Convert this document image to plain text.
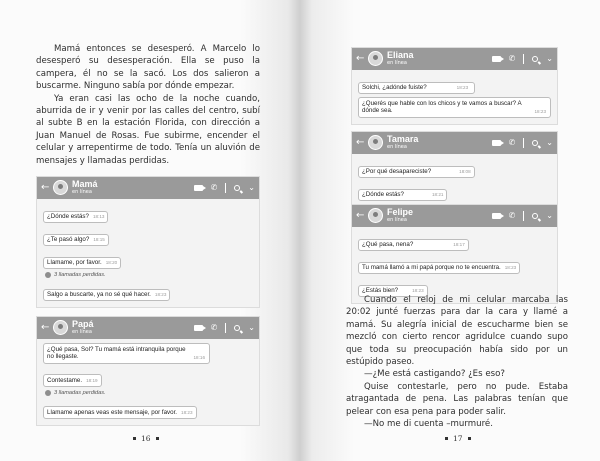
Mamá entonces se desesperó. A Marcelo lo desesperó su desesperación. Ella se puso la campera, él no se la sacó. Los dos salieron a buscarme. Ninguno sabía por dónde empezar.

Ya eran casi las ocho de la noche cuando, aburrida de ir y venir por las calles del centro, subí al subte B en la estación Florida, con dirección a Juan Manuel de Rosas. Fue subirme, encender el celular y arrepentirme de todo. Tenía un aluvión de mensajes y llamadas perdidas.

←	Mamá
en línea	✆	⌄
¿Dónde estás? 18:13
¿Te pasó algo? 18:15
Llamame, por favor. 18:20
3 llamadas perdidas.
Salgo a buscarte, ya no sé qué hacer. 18:23
←	Papá
en línea	✆	⌄
¿Qué pasa, Sol? Tu mamá está intranquila porque no llegaste.	18:16
Contestame. 18:19
3 llamadas perdidas.
Llamame apenas veas este mensaje, por favor. 18:23
16
←	Eliana
en línea	✆	⌄
Solchi, ¿adónde fuiste?	18:23
¿Querés que hable con los chicos y te vamos a buscar? A dónde sea.	18:23
←	Tamara
en línea	✆	⌄
¿Por qué desapareciste?	18:08
¿Dónde estás?	18:21
←	Felipe
en línea	✆	⌄
¿Qué pasa, nena?	18:17
Tu mamá llamó a mi papá porque no te encuentra. 18:23
¿Estás bien?	18:23

Cuando el reloj de mi celular marcaba las 20:02 junté fuerzas para dar la cara y llamé a mamá. Su alegría inicial de escucharme bien se mezcló con cierto rencor agridulce cuando supo que toda su preocupación había sido por un estúpido paseo.

—¿Me está castigando? ¿Es eso?

Quise contestarle, pero no pude. Estaba atragantada de pena. Las palabras tenían que pelear con esa pena para poder salir.

—No me di cuenta –murmuré.

17
